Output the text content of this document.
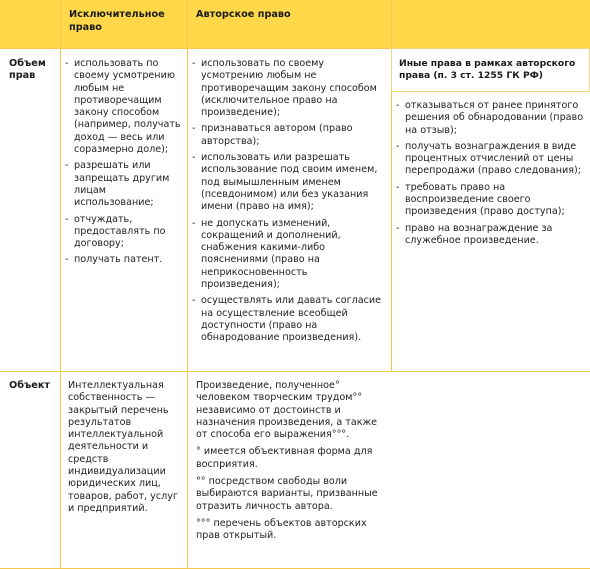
Исключительное право
Авторское право
Объем прав
- использовать по своему усмотрению любым не противоречащим закону способом (например, получать доход — весь или соразмерно доле);
- разрешать или запрещать другим лицам использование;
- отчуждать, предоставлять по договору;
- получать патент.
- использовать по своему усмотрению любым не противоречащим закону способом (исключительное право на произведение);
- признаваться автором (право авторства);
- использовать или разрешать использование под своим именем, под вымышленным именем (псевдонимом) или без указания имени (право на имя);
- не допускать изменений, сокращений и дополнений, снабжения какими-либо пояснениями (право на неприкосновенность произведения);
- осуществлять или давать согласие на осуществление всеобщей доступности (право на обнародование произведения).
Иные права в рамках авторского права (п. 3 ст. 1255 ГК РФ)
- отказываться от ранее принятого решения об обнародовании (право на отзыв);
- получать вознаграждения в виде процентных отчислений от цены перепродажи (право следования);
- требовать право на воспроизведение своего произведения (право доступа);
- право на вознаграждение за служебное произведение.
Объект	Интеллектуальная собственность — закрытый перечень результатов интеллектуальной деятельности и средств индивидуализации юридических лиц, товаров, работ, услуг и предприятий.
Произведение, полученное° человеком творческим трудом°° независимо от достоинств и назначения произведения, а также от способа его выражения°°°.
° имеется объективная форма для восприятия.
°° посредством свободы воли выбираются варианты, призванные отразить личность автора.
°°° перечень объектов авторских прав открытый.
